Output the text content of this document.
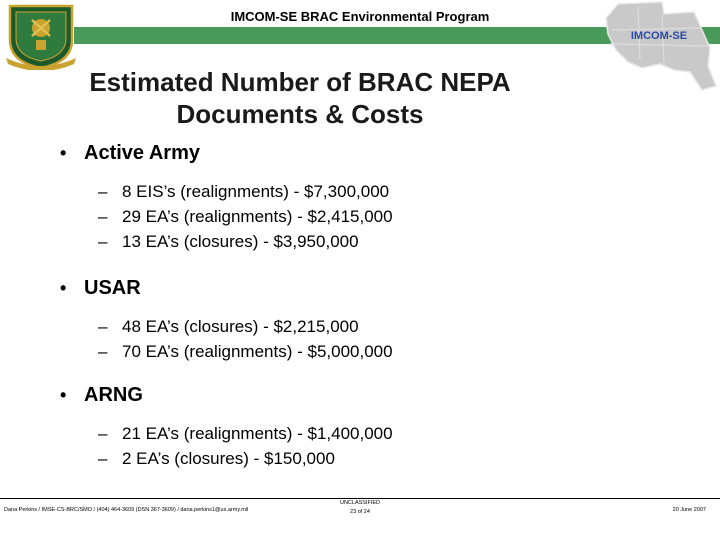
IMCOM-SE BRAC Environmental Program
IMCOM-SE
Estimated Number of BRAC NEPA
Documents & Costs
• Active Army
– 8 EIS’s (realignments) - $7,300,000
– 29 EA’s (realignments) - $2,415,000
– 13 EA’s (closures) - $3,950,000
• USAR
– 48 EA’s (closures) - $2,215,000
– 70 EA’s (realignments) - $5,000,000
• ARNG
– 21 EA’s (realignments) - $1,400,000
– 2 EA’s (closures) - $150,000
Dana Perkins / IMSE-CS-BRC/SMO / (404) 464-3609 (DSN 367-3609) / dana.perkins1@us.army.mil
UNCLASSIFIED
23 of 24	20 June 2007
